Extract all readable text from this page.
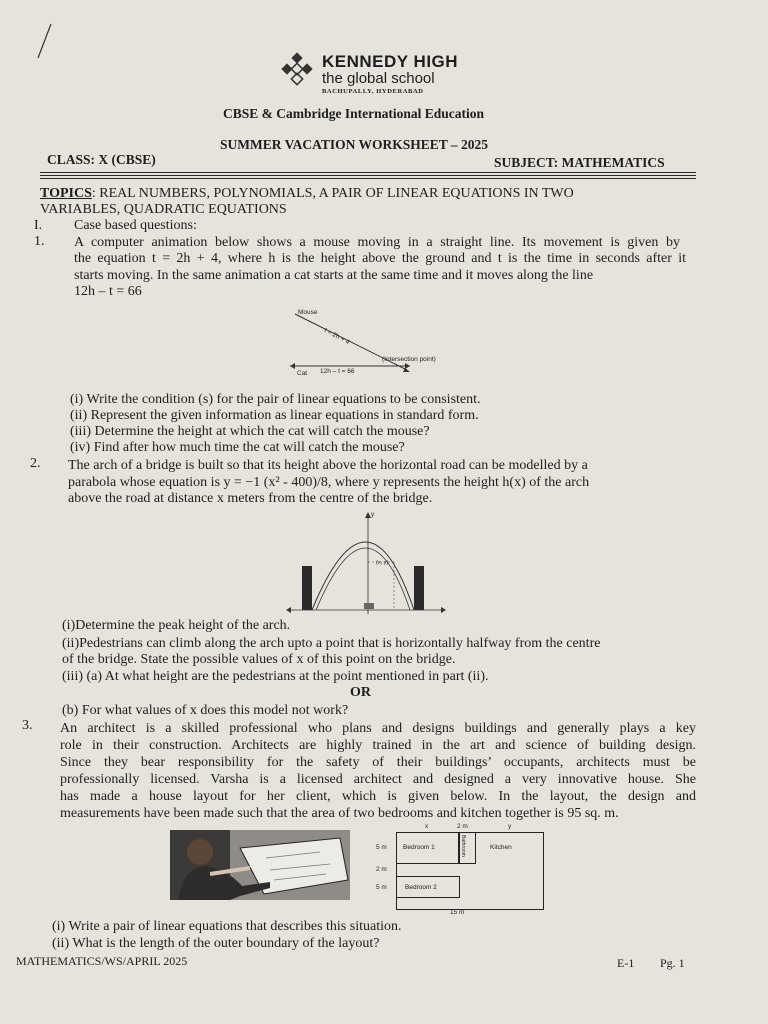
KENNEDY HIGH
the global school
BACHUPALLY, HYDERABAD
CBSE & Cambridge International Education
SUMMER VACATION WORKSHEET – 2025
CLASS: X (CBSE)	SUBJECT: MATHEMATICS
TOPICS: REAL NUMBERS, POLYNOMIALS, A PAIR OF LINEAR EQUATIONS IN TWO
VARIABLES, QUADRATIC EQUATIONS
I. Case based questions:
1. A computer animation below shows a mouse moving in a straight line. Its movement is given by
the equation t = 2h + 4, where h is the height above the ground and t is the time in seconds after it
starts moving. In the same animation a cat starts at the same time and it moves along the line
12h – t = 66
Mouse
t = 2h + 4
(Intersection point)
Cat 12h – t = 66
(i) Write the condition (s) for the pair of linear equations to be consistent.
(ii) Represent the given information as linear equations in standard form.
(iii) Determine the height at which the cat will catch the mouse?
(iv) Find after how much time the cat will catch the mouse?
2. The arch of a bridge is built so that its height above the horizontal road can be modelled by a
parabola whose equation is y = −1 (x² - 400)/8, where y represents the height h(x) of the arch
above the road at distance x meters from the centre of the bridge.
y
(x, y)
(i)Determine the peak height of the arch.
(ii)Pedestrians can climb along the arch upto a point that is horizontally halfway from the centre
of the bridge. State the possible values of x of this point on the bridge.
(iii) (a) At what height are the pedestrians at the point mentioned in part (ii).
OR
(b) For what values of x does this model not work?
3. An architect is a skilled professional who plans and designs buildings and generally plays a key
role in their construction. Architects are highly trained in the art and science of building design.
Since they bear responsibility for the safety of their buildings’ occupants, architects must be
professionally licensed. Varsha is a licensed architect and designed a very innovative house. She
has made a house layout for her client, which is given below. In the layout, the design and
measurements have been made such that the area of two bedrooms and kitchen together is 95 sq. m.
x	2 m	y
5 m Bedroom 1	Bathroom	Kitchen
2 m
5 m	Bedroom 2
15 m
(i) Write a pair of linear equations that describes this situation.
(ii) What is the length of the outer boundary of the layout?
MATHEMATICS/WS/APRIL 2025	E-1 Pg. 1
